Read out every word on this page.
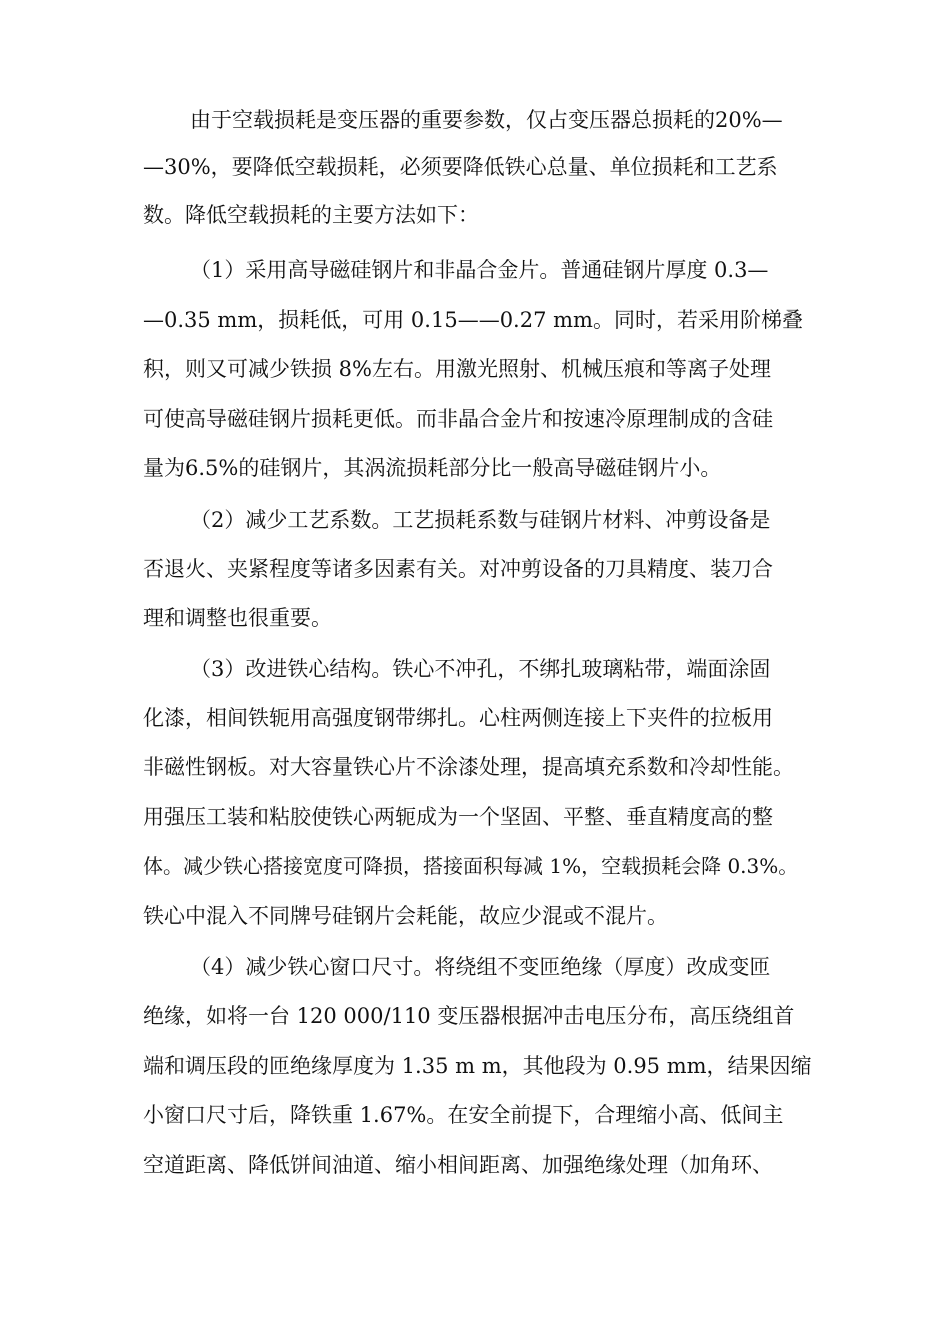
由于空载损耗是变压器的重要参数，仅占变压器总损耗的20%—

—30%，要降低空载损耗，必须要降低铁心总量、单位损耗和工艺系

数。降低空载损耗的主要方法如下：

（1）采用高导磁硅钢片和非晶合金片。普通硅钢片厚度 0.3—

—0.35 mm，损耗低，可用 0.15——0.27 mm。同时，若采用阶梯叠

积，则又可减少铁损 8%左右。用激光照射、机械压痕和等离子处理

可使高导磁硅钢片损耗更低。而非晶合金片和按速冷原理制成的含硅

量为6.5%的硅钢片，其涡流损耗部分比一般高导磁硅钢片小。

（2）减少工艺系数。工艺损耗系数与硅钢片材料、冲剪设备是

否退火、夹紧程度等诸多因素有关。对冲剪设备的刀具精度、装刀合

理和调整也很重要。

（3）改进铁心结构。铁心不冲孔，不绑扎玻璃粘带，端面涂固

化漆，相间铁轭用高强度钢带绑扎。心柱两侧连接上下夹件的拉板用

非磁性钢板。对大容量铁心片不涂漆处理，提高填充系数和冷却性能。

用强压工装和粘胶使铁心两轭成为一个坚固、平整、垂直精度高的整

体。减少铁心搭接宽度可降损，搭接面积每减 1%，空载损耗会降 0.3%。

铁心中混入不同牌号硅钢片会耗能，故应少混或不混片。

（4）减少铁心窗口尺寸。将绕组不变匝绝缘（厚度）改成变匝

绝缘，如将一台 120 000/110 变压器根据冲击电压分布，高压绕组首

端和调压段的匝绝缘厚度为 1.35 m m，其他段为 0.95 mm，结果因缩

小窗口尺寸后，降铁重 1.67%。在安全前提下，合理缩小高、低间主

空道距离、降低饼间油道、缩小相间距离、加强绝缘处理（加角环、
